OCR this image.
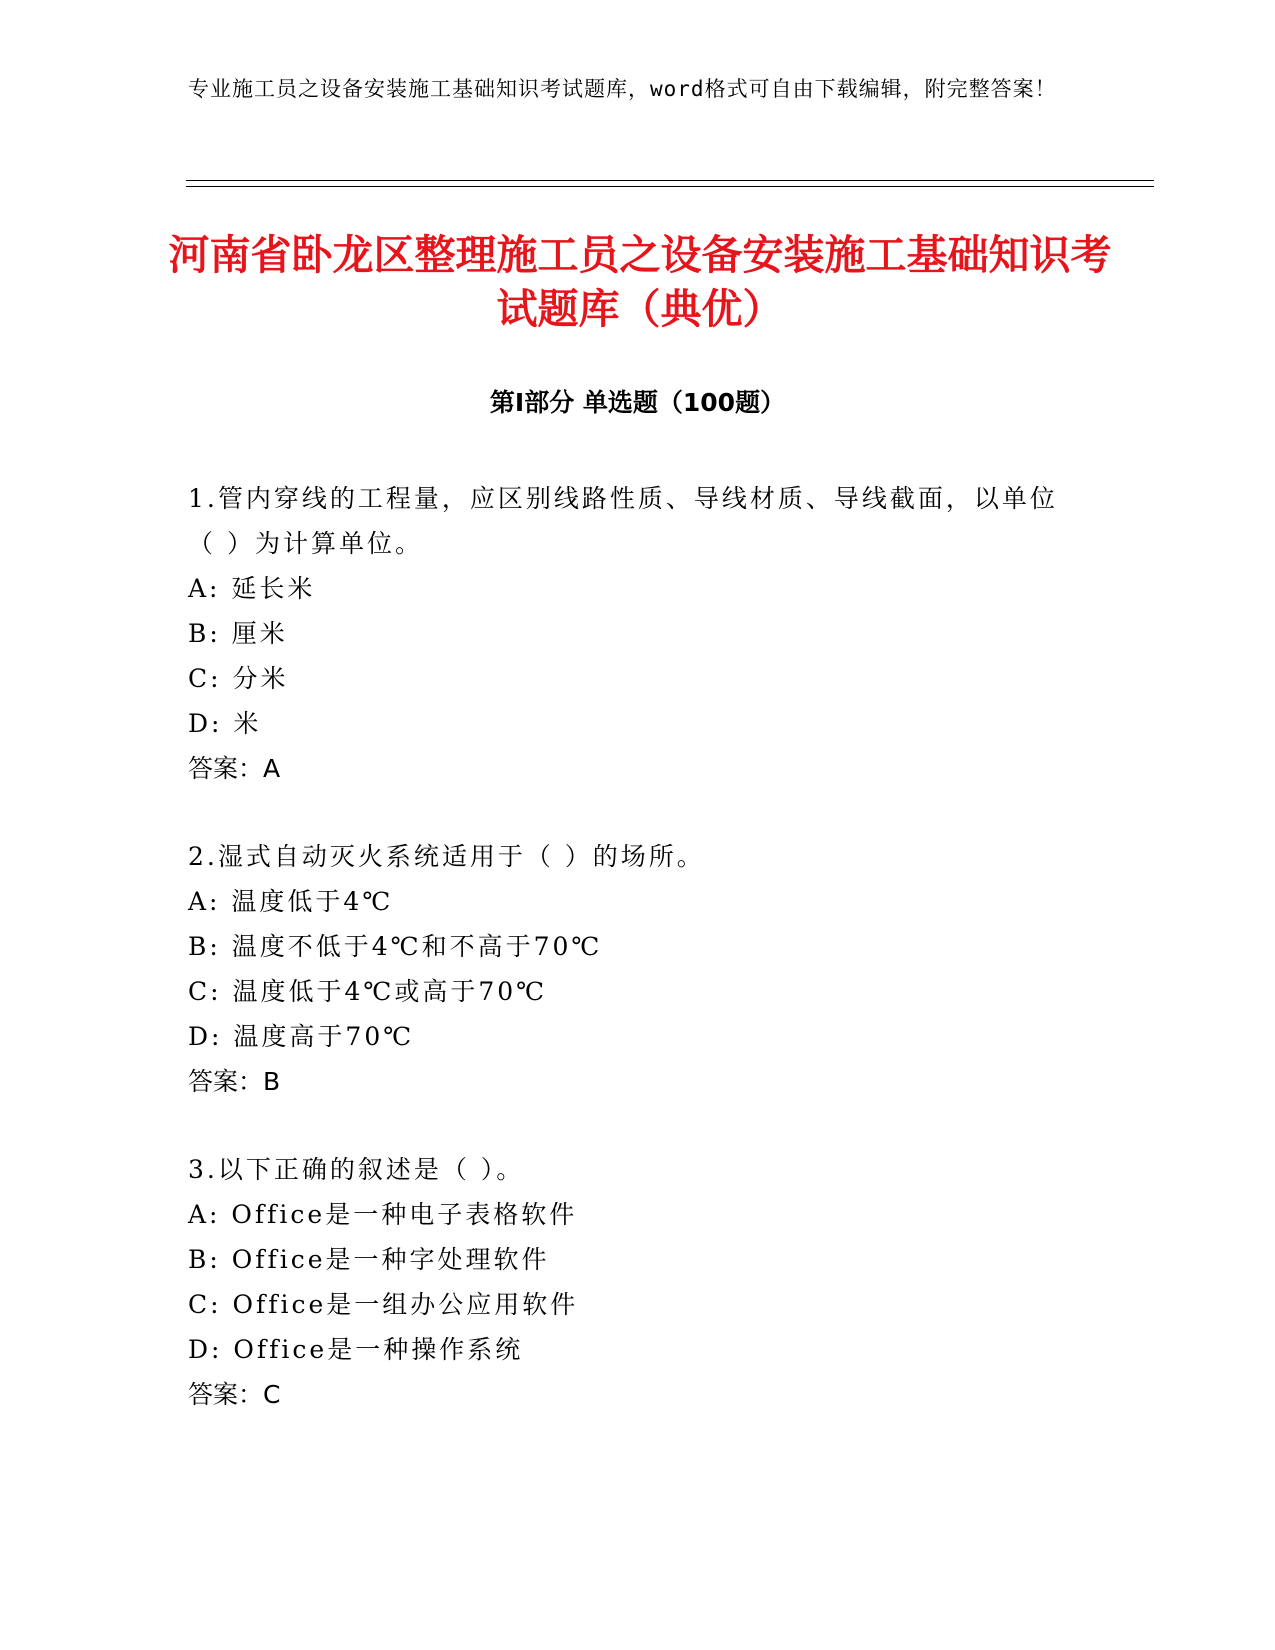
专业施工员之设备安装施工基础知识考试题库，word格式可自由下载编辑，附完整答案！
河南省卧龙区整理施工员之设备安装施工基础知识考试题库（典优）
第Ⅰ部分 单选题（100题）

1.管内穿线的工程量，应区别线路性质、导线材质、导线截面，以单位（ ）为计算单位。

A: 延长米

B: 厘米

C: 分米

D: 米

答案：A

2.湿式自动灭火系统适用于（ ）的场所。

A: 温度低于4℃

B: 温度不低于4℃和不高于70℃

C: 温度低于4℃或高于70℃

D: 温度高于70℃

答案：B

3.以下正确的叙述是（ ）。

A: Office是一种电子表格软件

B: Office是一种字处理软件

C: Office是一组办公应用软件

D: Office是一种操作系统

答案：C
